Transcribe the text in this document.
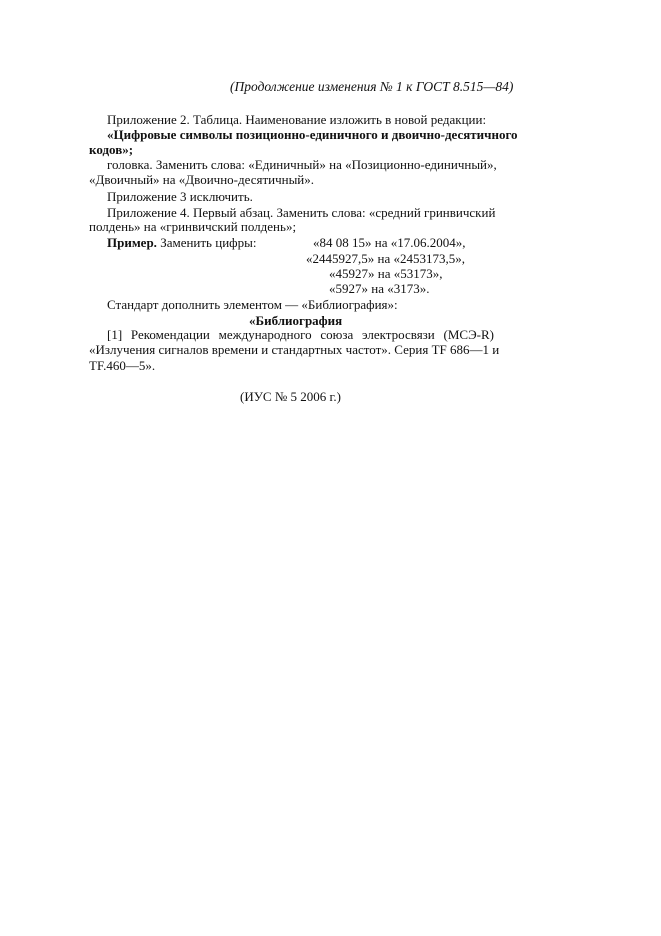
(Продолжение изменения № 1 к ГОСТ 8.515—84)
Приложение 2. Таблица. Наименование изложить в новой редакции:
«Цифровые символы позиционно-единичного и двоично-десятичного
кодов»;
головка. Заменить слова: «Единичный» на «Позиционно-единичный»,
«Двоичный» на «Двоично-десятичный».
Приложение 3 исключить.
Приложение 4. Первый абзац. Заменить слова: «средний гринвичский
полдень» на «гринвичский полдень»;
Пример. Заменить цифры:	«84 08 15» на «17.06.2004»,
«2445927,5» на «2453173,5»,
«45927» на «53173»,
«5927» на «3173».
Стандарт дополнить элементом — «Библиография»:
«Библиография
[1] Рекомендации международного союза электросвязи (МСЭ-R)
«Излучения сигналов времени и стандартных частот». Серия TF 686—1 и
TF.460—5».
(ИУС № 5 2006 г.)
